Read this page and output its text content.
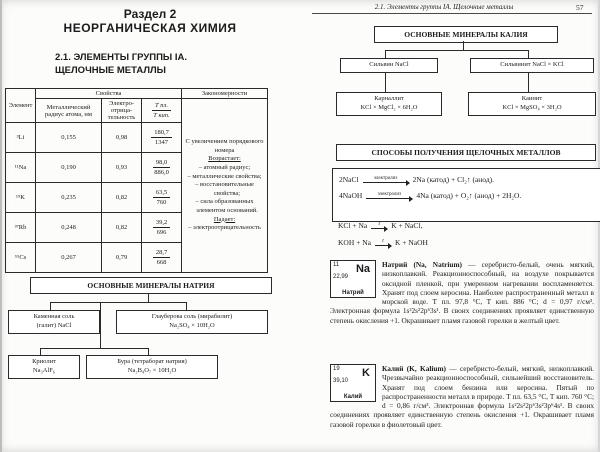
Раздел 2
НЕОРГАНИЧЕСКАЯ ХИМИЯ
2.1. ЭЛЕМЕНТЫ ГРУППЫ IA.
ЩЕЛОЧНЫЕ МЕТАЛЛЫ
Элемент	Свойства			Закономерности
Металлический радиус атома, нм	Электроотрицательность	$\frac{\text{Т пл.}}{\text{Т кип.}}$

С увеличением порядкового номера
Возрастает:
– атомный радиус;
– металлические свойства;
– восстановительные свойства;
– сила образованных элементом оснований.
Падает:
– электроотрицательность

³Li	0,155	0,98	$\frac{180,7}{1347}$

¹¹Na	0,190	0,93	$\frac{98,0}{886,0}$

¹⁹K	0,235	0,82	$\frac{63,5}{760}$

³⁷Rb	0,248	0,82	$\frac{39,2}{696}$

⁵⁵Cs	0,267	0,79	$\frac{28,7}{668}$
ОСНОВНЫЕ МИНЕРАЛЫ НАТРИЯ
Каменная соль
(галит) NaCl
Глауберова соль (мирабилит)
Na₂SO₄ × 10H₂O
Криолит
Na₃AlF₆
Бура (тетраборат натрия)
Na₂B₄O₇ × 10H₂O
2.1. Элементы группы IA. Щелочные металлы	57
ОСНОВНЫЕ МИНЕРАЛЫ КАЛИЯ
Сильвин NaCl	Сильвинит NaCl × KCl
Карналлит
KCl × MgCl₂ × 6H₂O
Каинит
KCl × MgSO₄ × 3H₂O
СПОСОБЫ ПОЛУЧЕНИЯ ЩЕЛОЧНЫХ МЕТАЛЛОВ
2NaCl	электролиз 2Na (катод) + Cl₂↑ (анод).
4NaOH	электролиз 4Na (катод) + O₂↑ (анод) + 2H₂O.
KCl + Na t K + NaCl,
KOH + Na t K + NaOH
11
22,99
Na
Натрий

Натрий (Na, Natrium) — серебристо-белый, очень мягкий, низкоплавкий. Реакционноспособный, на воздухе покрывается оксидной пленкой, при умеренном нагревании воспламеняется. Хранят под слоем керосина. Наиболее распространенный металл в морской воде. Т пл. 97,8 °С, Т кип. 886 °С; d = 0,97 г/см³. Электронная формула 1s²2s²2p⁶3s¹. В своих соединениях проявляет единственную степень окисления +1. Окрашивает пламя газовой горелки в желтый цвет.

19
39,10
K
Калий

Калий (K, Kalium) — серебристо-белый, мягкий, низкоплавкий. Чрезвычайно реакционноспособный, сильнейший восстановитель. Хранят под слоем бензина или керосина. Пятый по распространенности металл в природе. Т пл. 63,5 °С, Т кип. 760 °С; d = 0,86 г/см³. Электронная формула 1s²2s²2p⁶3s²3p⁶4s¹. В своих соединениях проявляет единственную степень окисления +1. Окрашивает пламя газовой горелки в фиолетовый цвет.
